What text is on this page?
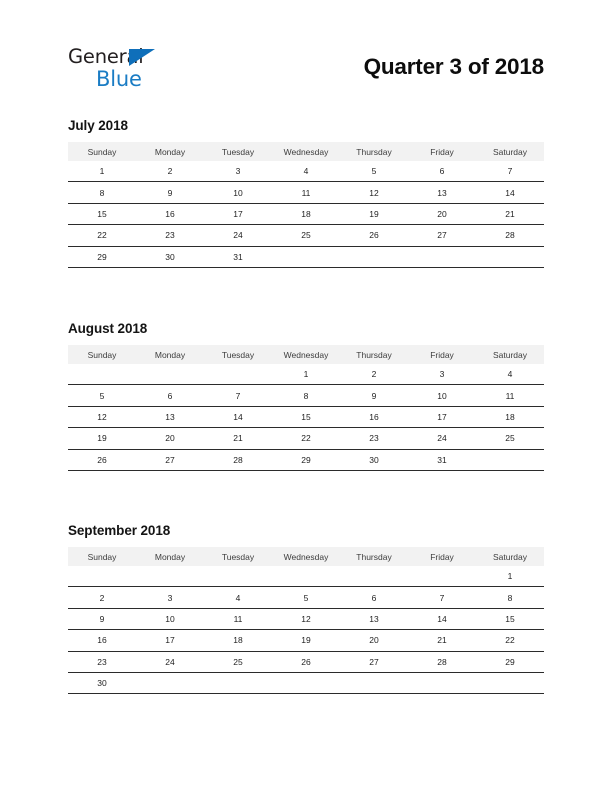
General
Blue	Quarter 3 of 2018
July 2018
Sunday	Monday	Tuesday	Wednesday	Thursday	Friday	Saturday
1	2	3	4	5	6	7
8	9	10	11	12	13	14
15	16	17	18	19	20	21
22	23	24	25	26	27	28
29	30	31				
August 2018
Sunday	Monday	Tuesday	Wednesday	Thursday	Friday	Saturday
			1	2	3	4
5	6	7	8	9	10	11
12	13	14	15	16	17	18
19	20	21	22	23	24	25
26	27	28	29	30	31	
September 2018
Sunday	Monday	Tuesday	Wednesday	Thursday	Friday	Saturday
						1
2	3	4	5	6	7	8
9	10	11	12	13	14	15
16	17	18	19	20	21	22
23	24	25	26	27	28	29
30						
